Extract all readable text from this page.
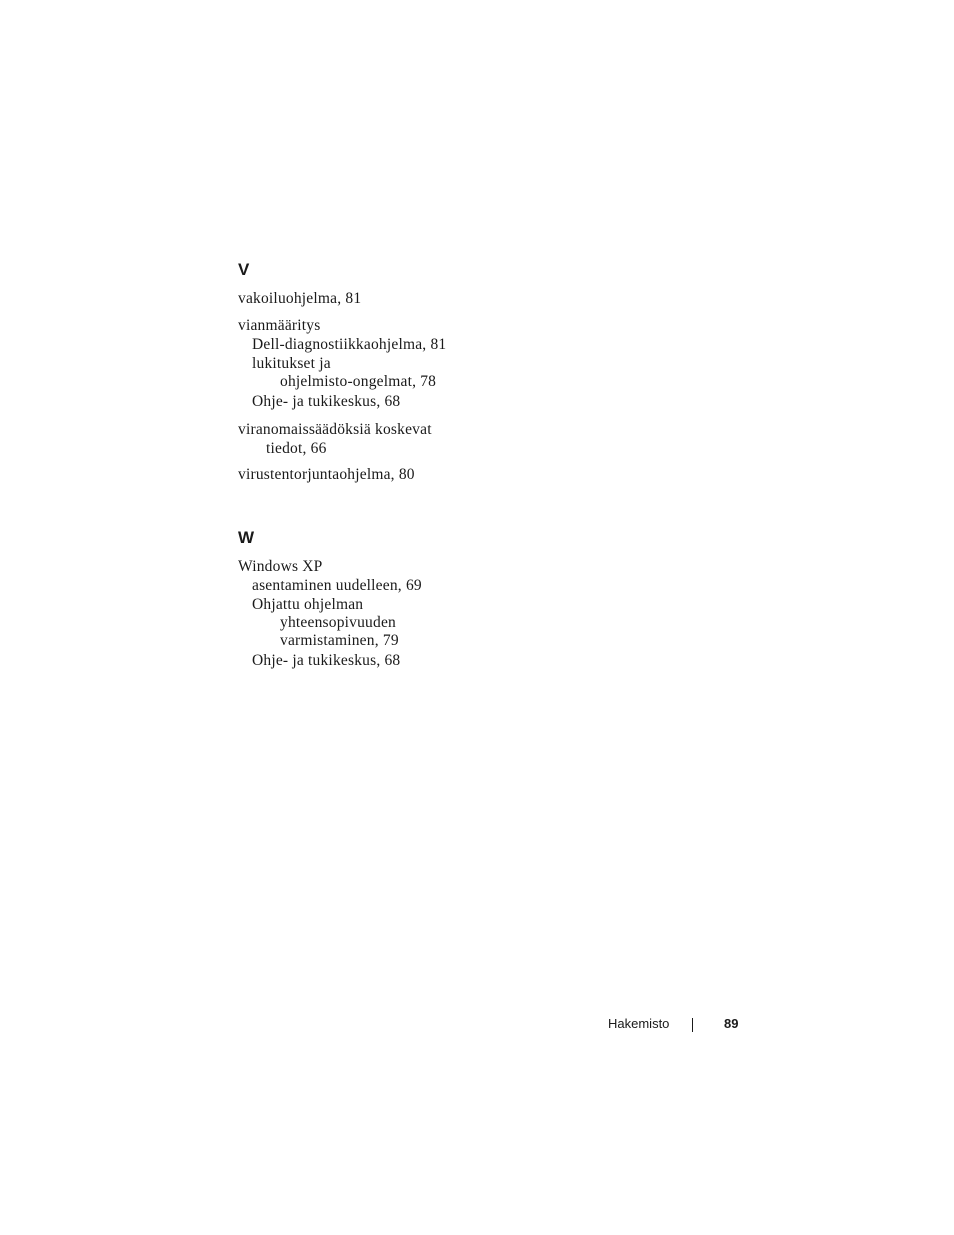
V
vakoiluohjelma, 81
vianmääritys
Dell-diagnostiikkaohjelma, 81
lukitukset ja
ohjelmisto-ongelmat, 78
Ohje- ja tukikeskus, 68
viranomaissäädöksiä koskevat
tiedot, 66
virustentorjuntaohjelma, 80
W
Windows XP
asentaminen uudelleen, 69
Ohjattu ohjelman
yhteensopivuuden
varmistaminen, 79
Ohje- ja tukikeskus, 68
Hakemisto	89
